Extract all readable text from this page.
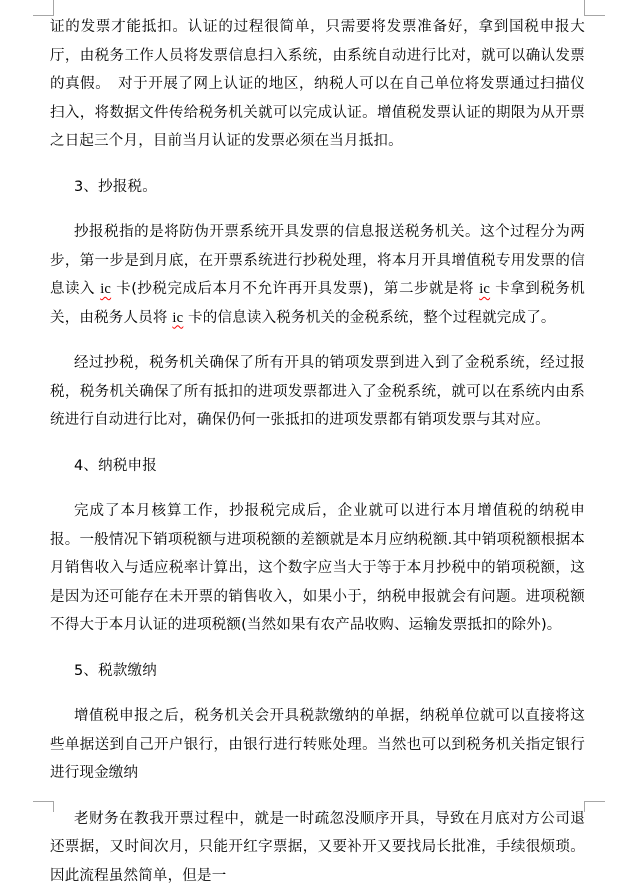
证的发票才能抵扣。认证的过程很简单，只需要将发票准备好，拿到国税申报大厅，由税务工作人员将发票信息扫入系统，由系统自动进行比对，就可以确认发票的真假。　对于开展了网上认证的地区，纳税人可以在自己单位将发票通过扫描仪扫入，将数据文件传给税务机关就可以完成认证。增值税发票认证的期限为从开票之日起三个月，目前当月认证的发票必须在当月抵扣。

3、抄报税。

抄报税指的是将防伪开票系统开具发票的信息报送税务机关。这个过程分为两步，第一步是到月底，在开票系统进行抄税处理，将本月开具增值税专用发票的信息读入 ic 卡(抄税完成后本月不允许再开具发票)，第二步就是将 ic 卡拿到税务机关，由税务人员将 ic 卡的信息读入税务机关的金税系统，整个过程就完成了。

经过抄税，税务机关确保了所有开具的销项发票到进入到了金税系统，经过报税，税务机关确保了所有抵扣的进项发票都进入了金税系统，就可以在系统内由系统进行自动进行比对，确保仍何一张抵扣的进项发票都有销项发票与其对应。

4、纳税申报

完成了本月核算工作，抄报税完成后，企业就可以进行本月增值税的纳税申报。一般情况下销项税额与进项税额的差额就是本月应纳税额.其中销项税额根据本月销售收入与适应税率计算出，这个数字应当大于等于本月抄税中的销项税额，这是因为还可能存在未开票的销售收入，如果小于，纳税申报就会有问题。进项税额不得大于本月认证的进项税额(当然如果有农产品收购、运输发票抵扣的除外)。

5、税款缴纳

增值税申报之后，税务机关会开具税款缴纳的单据，纳税单位就可以直接将这些单据送到自己开户银行，由银行进行转账处理。当然也可以到税务机关指定银行进行现金缴纳

老财务在教我开票过程中，就是一时疏忽没顺序开具，导致在月底对方公司退还票据，又时间次月，只能开红字票据，又要补开又要找局长批准，手续很烦琐。因此流程虽然简单，但是一
